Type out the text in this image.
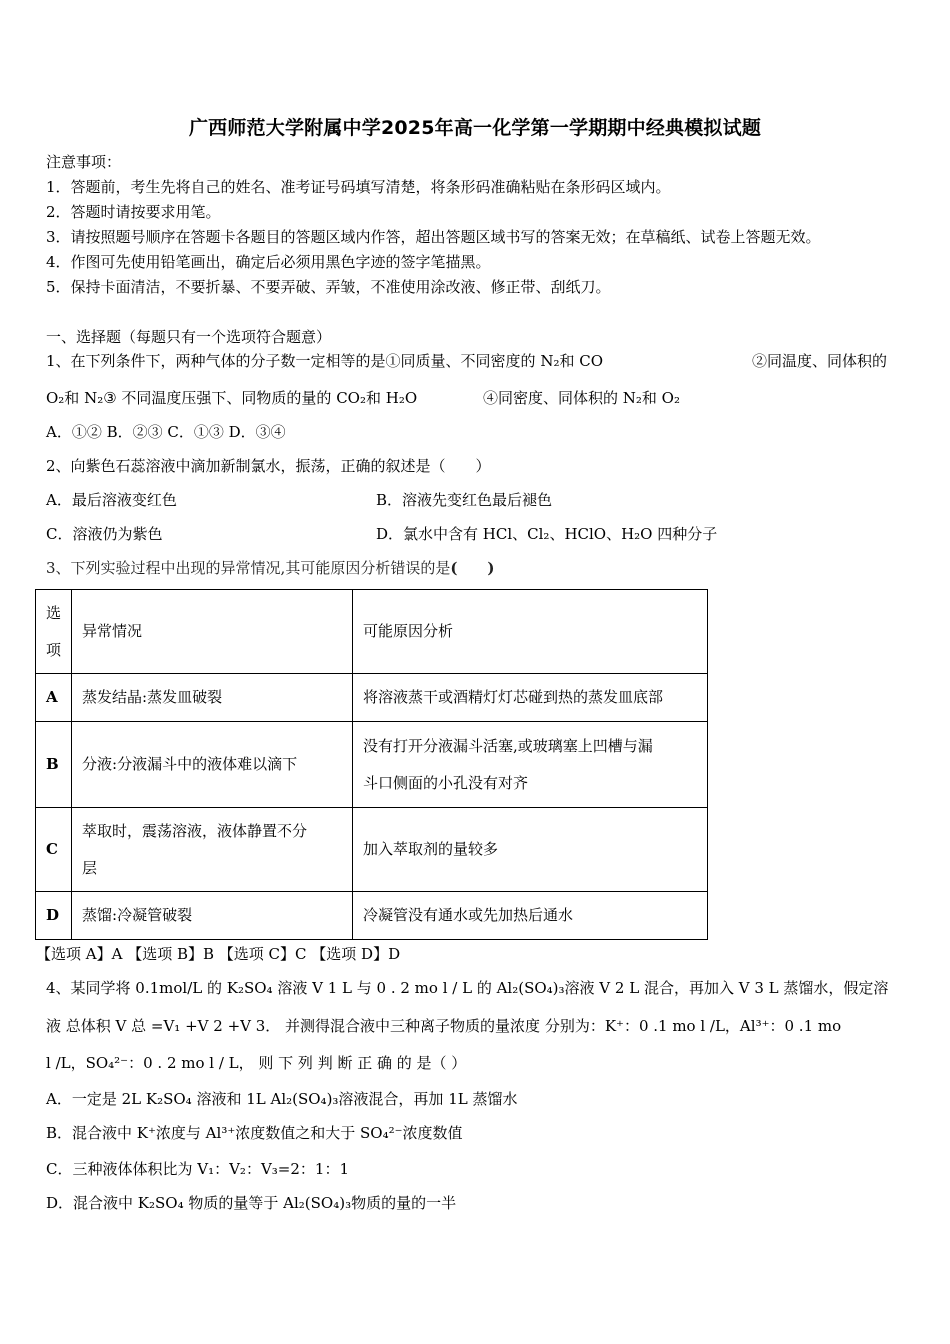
广西师范大学附属中学2025年高一化学第一学期期中经典模拟试题
注意事项：
1．答题前，考生先将自己的姓名、准考证号码填写清楚，将条形码准确粘贴在条形码区域内。
2．答题时请按要求用笔。
3．请按照题号顺序在答题卡各题目的答题区域内作答，超出答题区域书写的答案无效；在草稿纸、试卷上答题无效。
4．作图可先使用铅笔画出，确定后必须用黑色字迹的签字笔描黑。
5．保持卡面清洁，不要折暴、不要弄破、弄皱，不准使用涂改液、修正带、刮纸刀。
一、选择题（每题只有一个选项符合题意）
1、在下列条件下，两种气体的分子数一定相等的是①同质量、不同密度的 N₂和 CO	②同温度、同体积的
O₂和 N₂③ 不同温度压强下、同物质的量的 CO₂和 H₂O	④同密度、同体积的 N₂和 O₂
A．①② B．②③ C．①③ D．③④
2、向紫色石蕊溶液中滴加新制氯水，振荡，正确的叙述是（　　）
A．最后溶液变红色	B．溶液先变红色最后褪色
C．溶液仍为紫色	D．氯水中含有 HCl、Cl₂、HClO、H₂O 四种分子
3、下列实验过程中出现的异常情况,其可能原因分析错误的是(　　)
选
项	异常情况	可能原因分析
A	蒸发结晶:蒸发皿破裂	将溶液蒸干或酒精灯灯芯碰到热的蒸发皿底部
B	分液:分液漏斗中的液体难以滴下	没有打开分液漏斗活塞,或玻璃塞上凹槽与漏
斗口侧面的小孔没有对齐

C	萃取时，震荡溶液，液体静置不分
层	加入萃取剂的量较多
D	蒸馏:冷凝管破裂	冷凝管没有通水或先加热后通水
【选项 A】A 【选项 B】B 【选项 C】C 【选项 D】D
4、某同学将 0.1mol/L 的 K₂SO₄ 溶液 V 1 L 与 0 . 2 mo l / L 的 Al₂(SO₄)₃溶液 V 2 L 混合，再加入 V 3 L 蒸馏水，假定溶
液 总体积 V 总 =V₁ +V 2 +V 3． 并测得混合液中三种离子物质的量浓度 分别为：K⁺：0 .1 mo l /L，Al³⁺：0 .1 mo
l /L，SO₄²⁻：0 . 2 mo l / L， 则 下 列 判 断 正 确 的 是（ ）
A．一定是 2L K₂SO₄ 溶液和 1L Al₂(SO₄)₃溶液混合，再加 1L 蒸馏水
B．混合液中 K⁺浓度与 Al³⁺浓度数值之和大于 SO₄²⁻浓度数值
C．三种液体体积比为 V₁：V₂：V₃=2：1：1
D．混合液中 K₂SO₄ 物质的量等于 Al₂(SO₄)₃物质的量的一半
